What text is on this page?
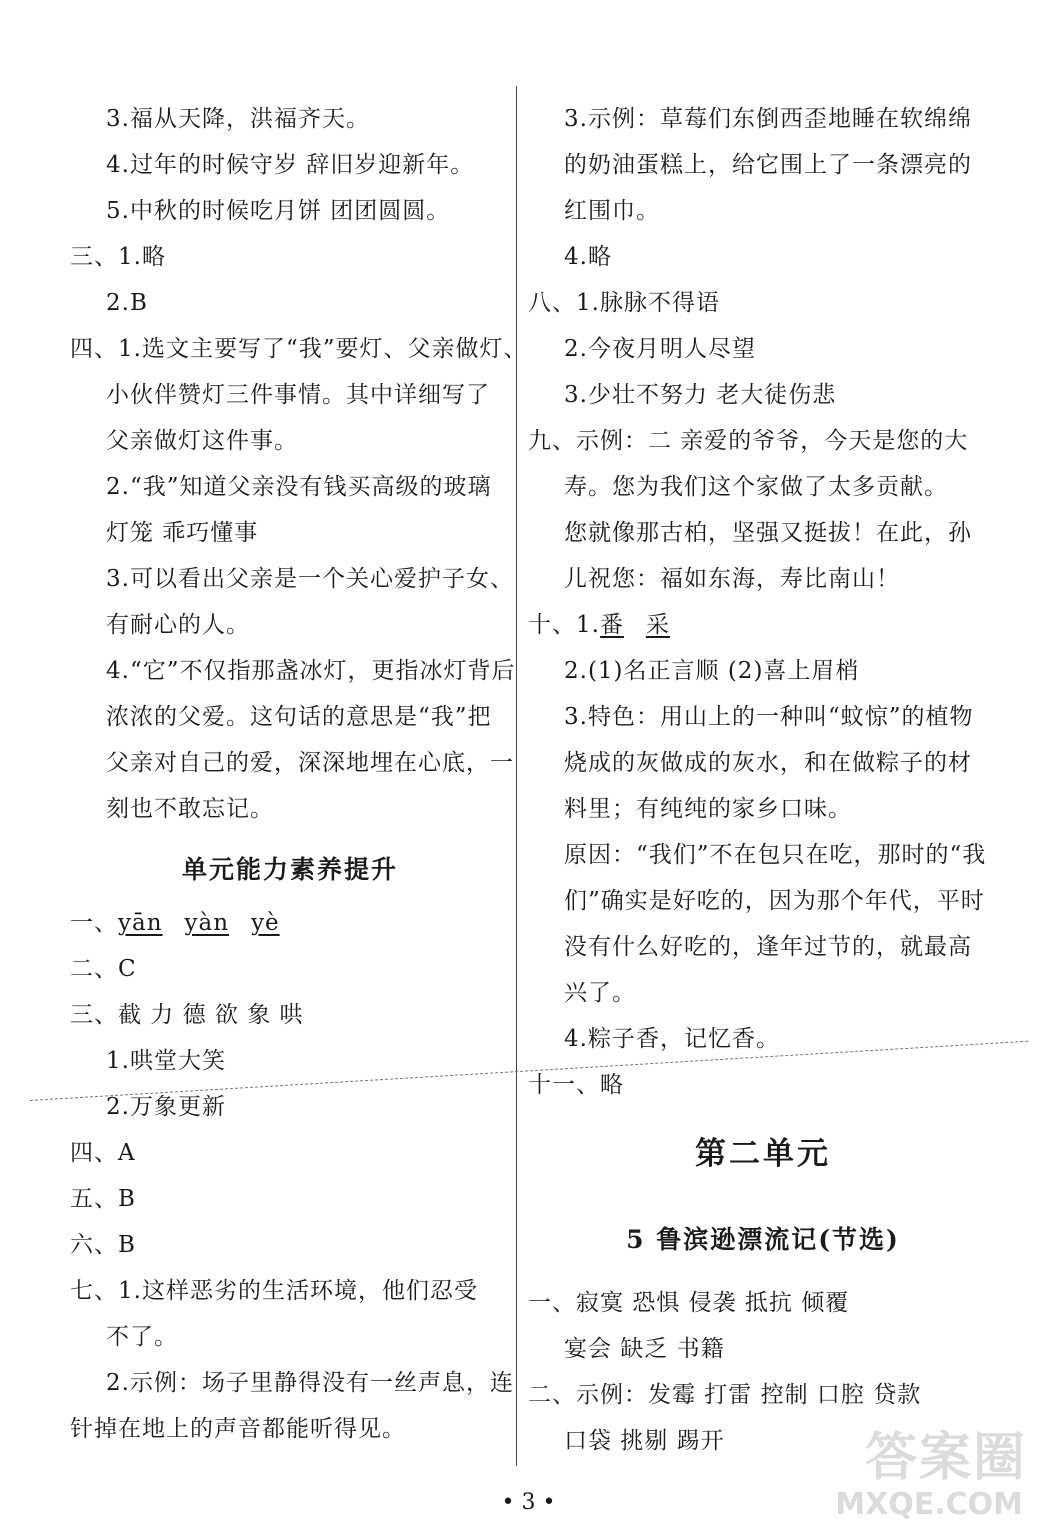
3.福从天降，洪福齐天。
4.过年的时候守岁 辞旧岁迎新年。
5.中秋的时候吃月饼 团团圆圆。
三、1.略
2.B
四、1.选文主要写了“我”要灯、父亲做灯、
小伙伴赞灯三件事情。其中详细写了
父亲做灯这件事。
2.“我”知道父亲没有钱买高级的玻璃
灯笼 乖巧懂事
3.可以看出父亲是一个关心爱护子女、
有耐心的人。
4.“它”不仅指那盏冰灯，更指冰灯背后
浓浓的父爱。这句话的意思是“我”把
父亲对自己的爱，深深地埋在心底，一
刻也不敢忘记。
单元能力素养提升
一、yān yàn yè
二、C
三、截 力 德 欲 象 哄
1.哄堂大笑
2.万象更新
四、A
五、B
六、B
七、1.这样恶劣的生活环境，他们忍受
不了。
2.示例：场子里静得没有一丝声息，连
针掉在地上的声音都能听得见。
3.示例：草莓们东倒西歪地睡在软绵绵
的奶油蛋糕上，给它围上了一条漂亮的
红围巾。
4.略
八、1.脉脉不得语
2.今夜月明人尽望
3.少壮不努力 老大徒伤悲
九、示例：二 亲爱的爷爷，今天是您的大
寿。您为我们这个家做了太多贡献。
您就像那古柏，坚强又挺拔！在此，孙
儿祝您：福如东海，寿比南山！
十、1.番 采
2.(1)名正言顺 (2)喜上眉梢
3.特色：用山上的一种叫“蚊惊”的植物
烧成的灰做成的灰水，和在做粽子的材
料里；有纯纯的家乡口味。
原因：“我们”不在包只在吃，那时的“我
们”确实是好吃的，因为那个年代，平时
没有什么好吃的，逢年过节的，就最高
兴了。
4.粽子香，记忆香。
十一、略
第二单元
5 鲁滨逊漂流记(节选)
一、寂寞 恐惧 侵袭 抵抗 倾覆
宴会 缺乏 书籍
二、示例：发霉 打雷 控制 口腔 贷款
口袋 挑剔 踢开
• 3 •
答案圈
MXQE.COM
